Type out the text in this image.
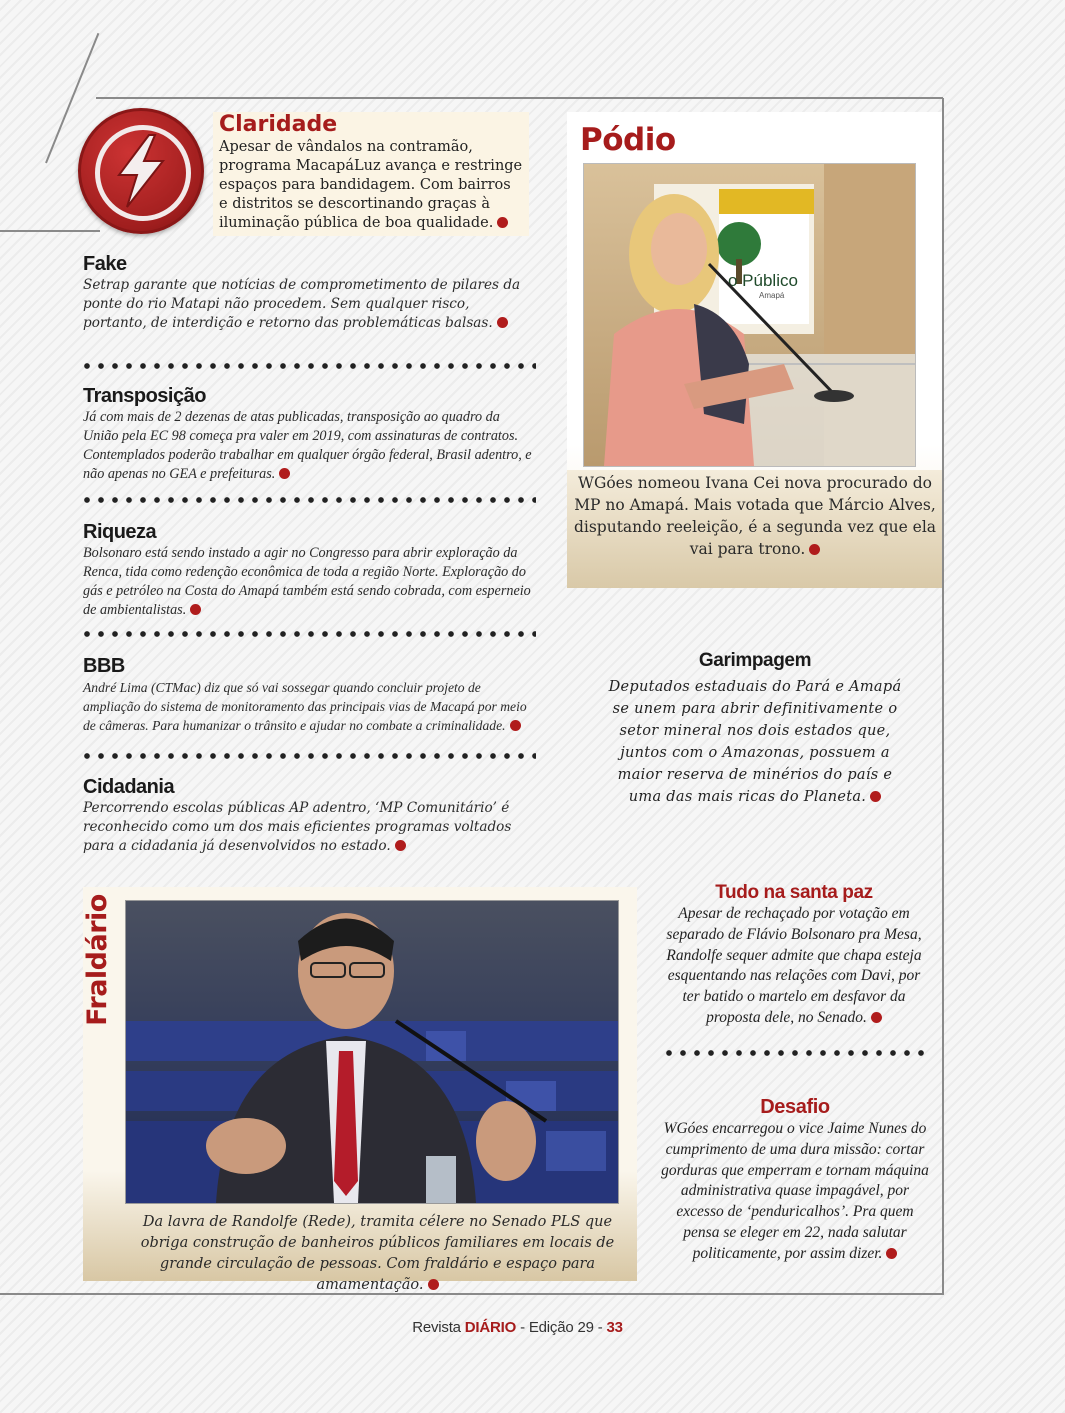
Claridade

Apesar de vândalos na contramão, programa MacapáLuz avança e restringe espaços para bandidagem. Com bairros e distritos se descortinando graças à iluminação pública de boa qualidade.

Fake

Setrap garante que notícias de comprometimento de pilares da ponte do rio Matapi não procedem. Sem qualquer risco, portanto, de interdição e retorno das problemáticas balsas.

Transposição

Já com mais de 2 dezenas de atas publicadas, transposição ao quadro da União pela EC 98 começa pra valer em 2019, com assinaturas de contratos. Contemplados poderão trabalhar em qualquer órgão federal, Brasil adentro, e não apenas no GEA e prefeituras.

Riqueza

Bolsonaro está sendo instado a agir no Congresso para abrir exploração da Renca, tida como redenção econômica de toda a região Norte. Exploração do gás e petróleo na Costa do Amapá também está sendo cobrada, com esperneio de ambientalistas.

BBB

André Lima (CTMac) diz que só vai sossegar quando concluir projeto de ampliação do sistema de monitoramento das principais vias de Macapá por meio de câmeras. Para humanizar o trânsito e ajudar no combate a criminalidade.

Cidadania

Percorrendo escolas públicas AP adentro, ‘MP Comunitário’ é reconhecido como um dos mais eficientes programas voltados para a cidadania já desenvolvidos no estado.

Pódio
o Público
Amapá

WGóes nomeou Ivana Cei nova procurado do MP no Amapá. Mais votada que Márcio Alves, disputando reeleição, é a segunda vez que ela vai para trono.

Garimpagem

Deputados estaduais do Pará e Amapá se unem para abrir definitivamente o setor mineral nos dois estados que, juntos com o Amazonas, possuem a maior reserva de minérios do país e uma das mais ricas do Planeta.

Fraldário

Da lavra de Randolfe (Rede), tramita célere no Senado PLS que obriga construção de banheiros públicos familiares em locais de grande circulação de pessoas. Com fraldário e espaço para amamentação.

Tudo na santa paz

Apesar de rechaçado por votação em separado de Flávio Bolsonaro pra Mesa, Randolfe sequer admite que chapa esteja esquentando nas relações com Davi, por ter batido o martelo em desfavor da proposta dele, no Senado.

Desafio

WGóes encarregou o vice Jaime Nunes do cumprimento de uma dura missão: cortar gorduras que emperram e tornam máquina administrativa quase impagável, por excesso de ‘penduricalhos’. Pra quem pensa se eleger em 22, nada salutar politicamente, por assim dizer.

Revista DIÁRIO - Edição 29 - 33
